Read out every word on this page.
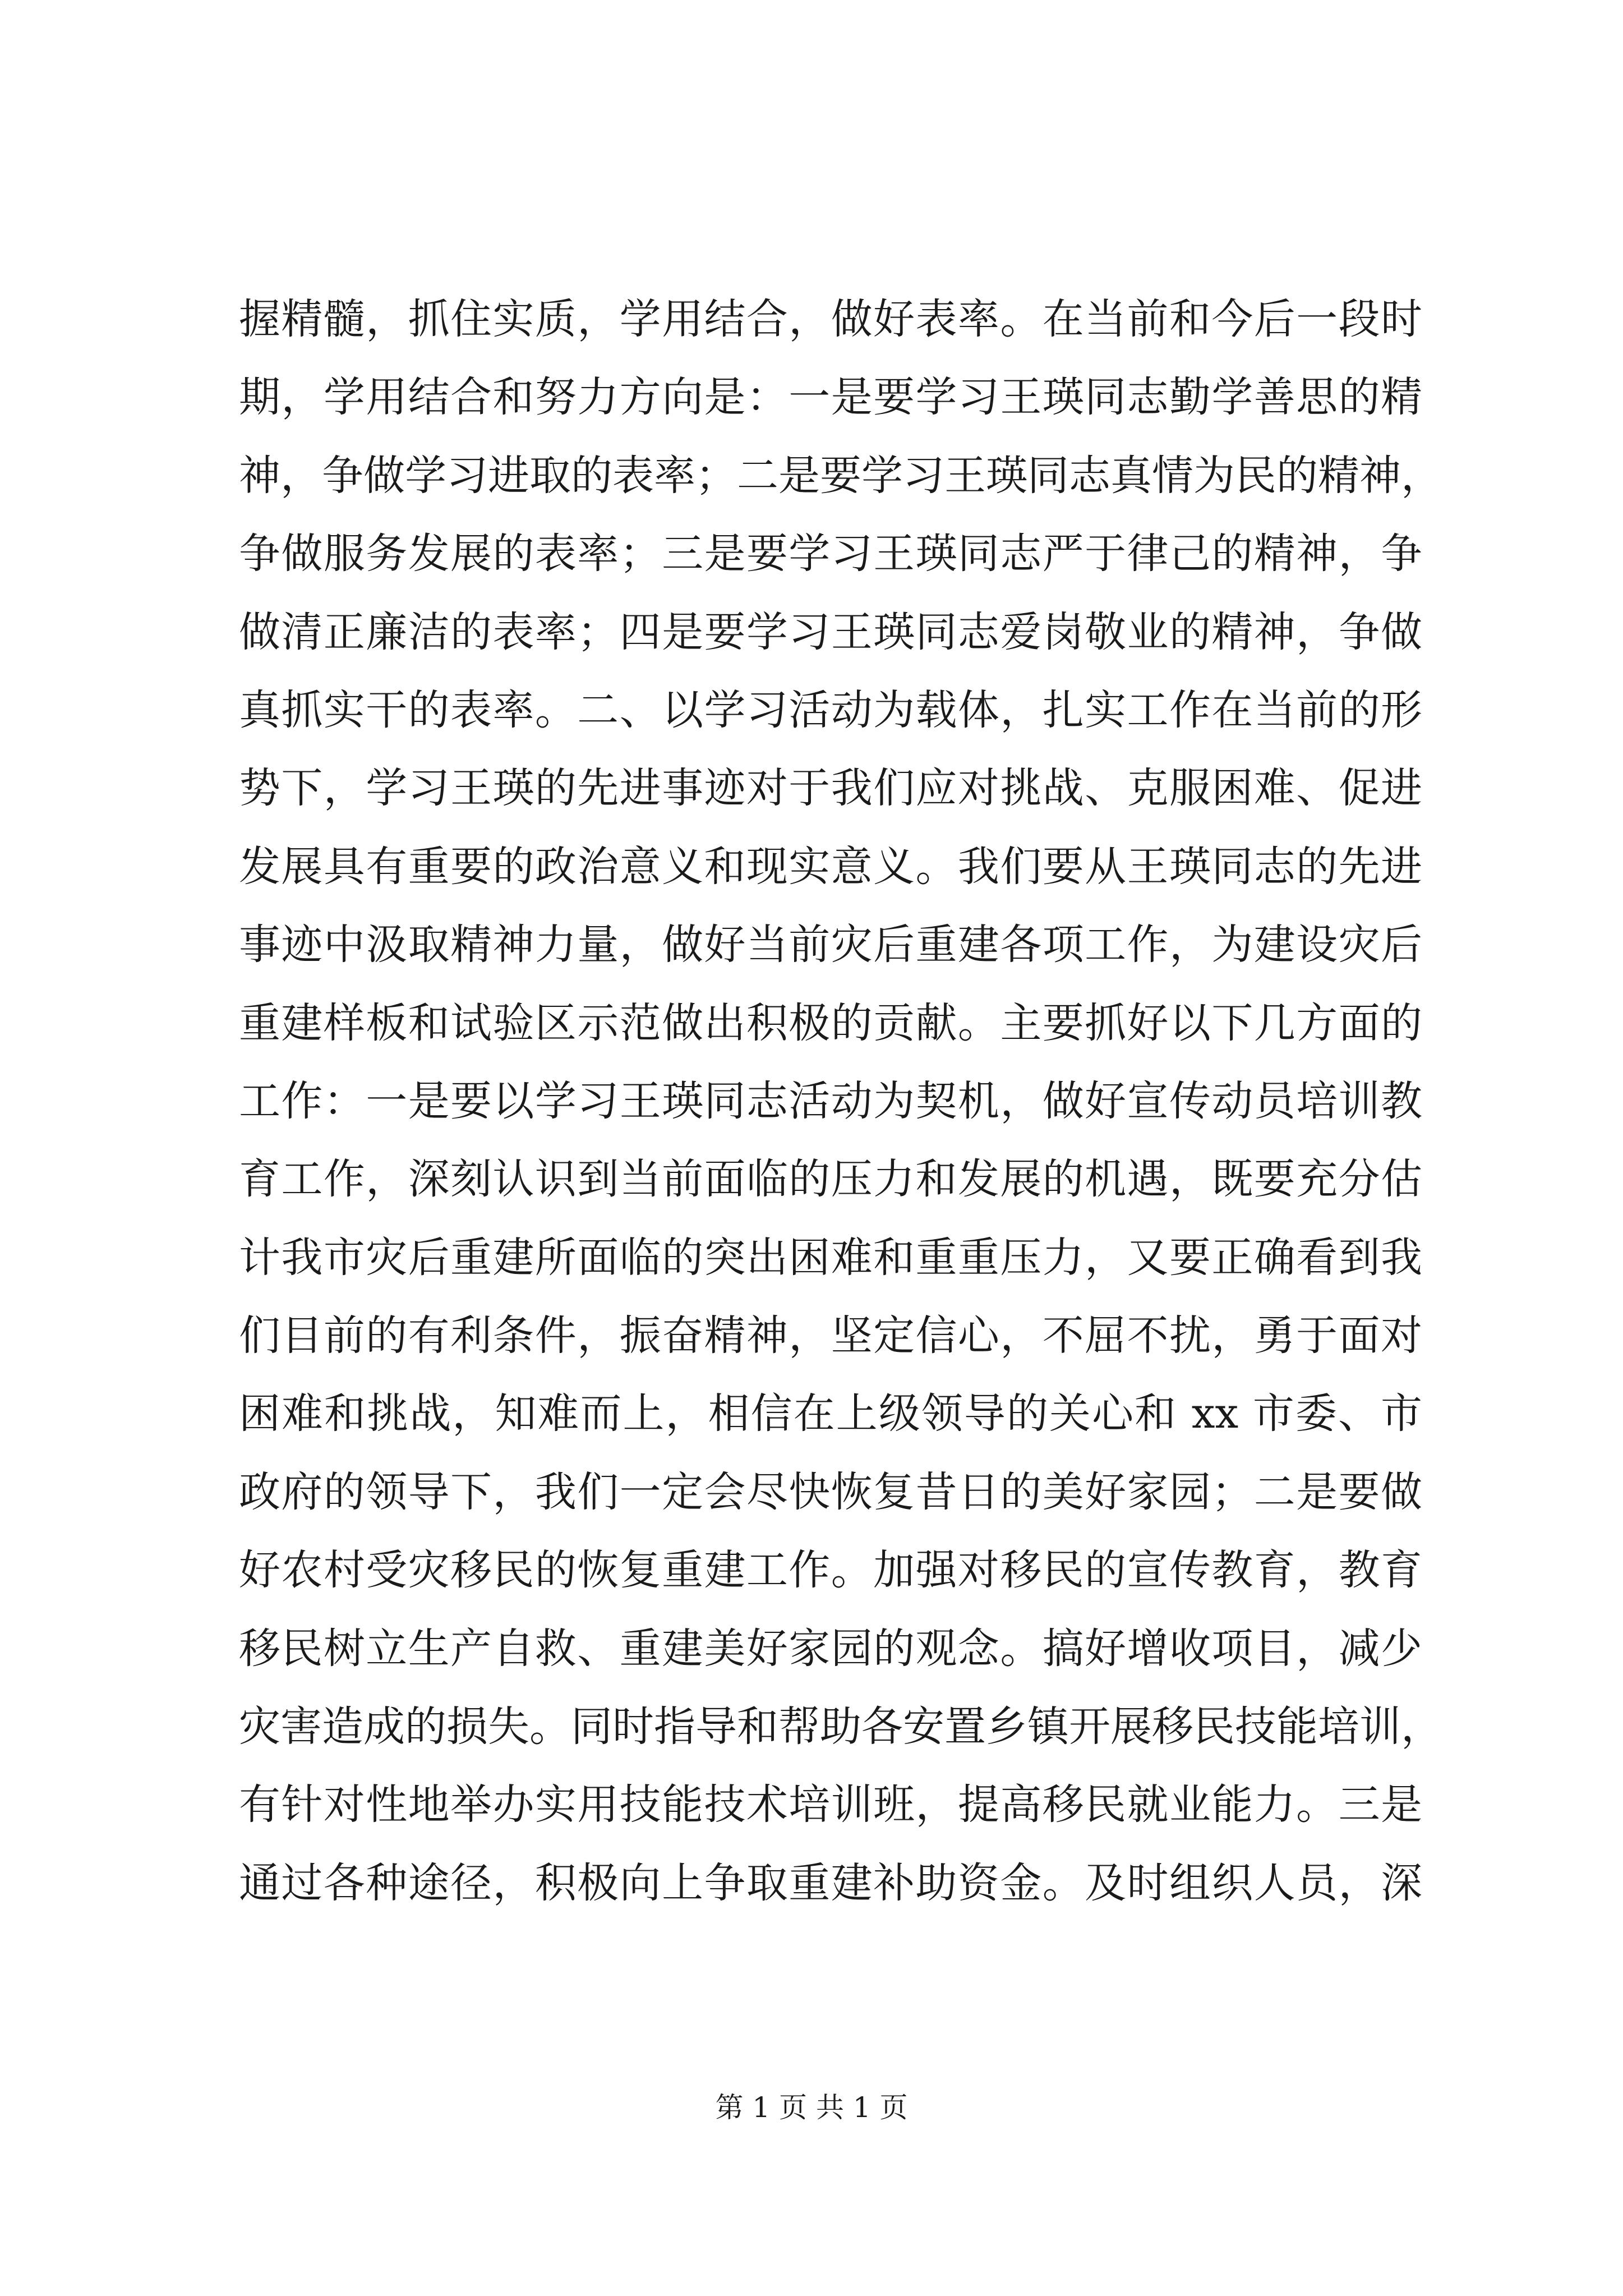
握精髓，抓住实质，学用结合，做好表率。在当前和今后一段时
期，学用结合和努力方向是：一是要学习王瑛同志勤学善思的精
神，争做学习进取的表率；二是要学习王瑛同志真情为民的精神，
争做服务发展的表率；三是要学习王瑛同志严于律己的精神，争
做清正廉洁的表率；四是要学习王瑛同志爱岗敬业的精神，争做
真抓实干的表率。二、以学习活动为载体，扎实工作在当前的形
势下，学习王瑛的先进事迹对于我们应对挑战、克服困难、促进
发展具有重要的政治意义和现实意义。我们要从王瑛同志的先进
事迹中汲取精神力量，做好当前灾后重建各项工作，为建设灾后
重建样板和试验区示范做出积极的贡献。主要抓好以下几方面的
工作：一是要以学习王瑛同志活动为契机，做好宣传动员培训教
育工作，深刻认识到当前面临的压力和发展的机遇，既要充分估
计我市灾后重建所面临的突出困难和重重压力，又要正确看到我
们目前的有利条件，振奋精神，坚定信心，不屈不扰，勇于面对
困难和挑战，知难而上，相信在上级领导的关心和 xx 市委、市
政府的领导下，我们一定会尽快恢复昔日的美好家园；二是要做
好农村受灾移民的恢复重建工作。加强对移民的宣传教育，教育
移民树立生产自救、重建美好家园的观念。搞好增收项目，减少
灾害造成的损失。同时指导和帮助各安置乡镇开展移民技能培训，
有针对性地举办实用技能技术培训班，提高移民就业能力。三是
通过各种途径，积极向上争取重建补助资金。及时组织人员，深
第 1 页 共 1 页
